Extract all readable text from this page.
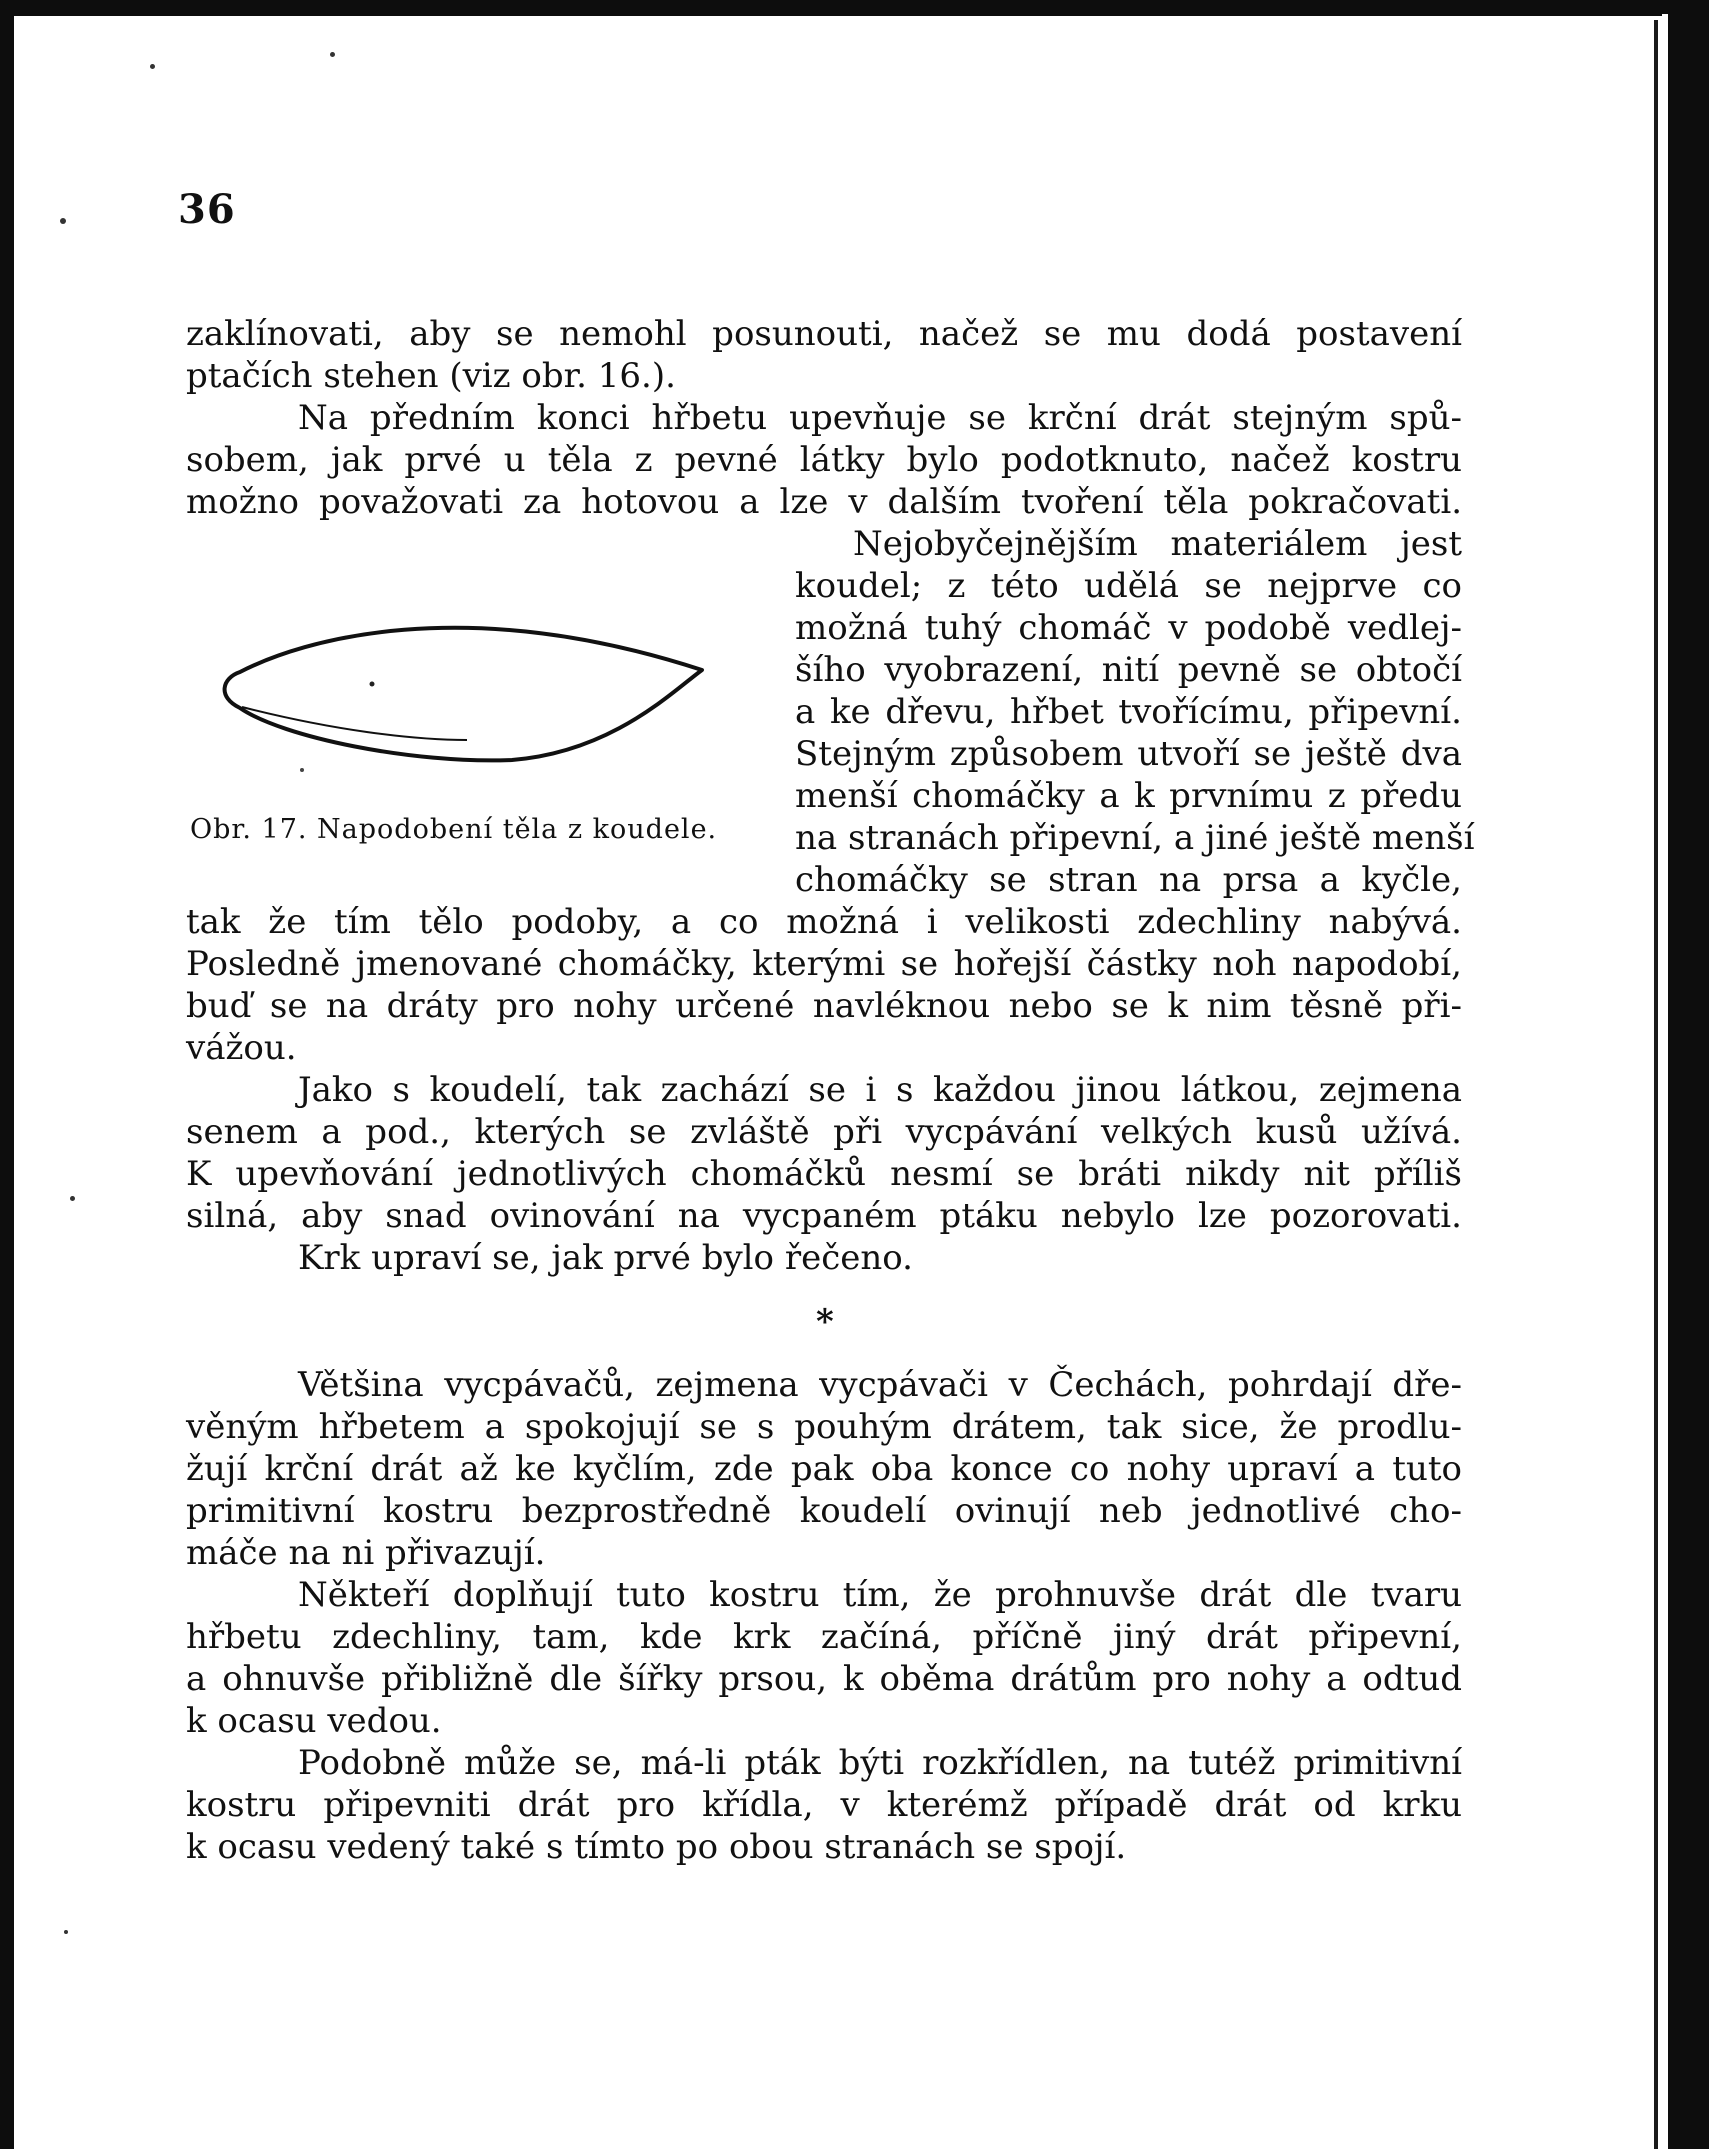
36
zaklínovati, aby se nemohl posunouti, načež se mu dodá postavení
ptačích stehen (viz obr. 16.).
Na předním konci hřbetu upevňuje se krční drát stejným spů-
sobem, jak prvé u těla z pevné látky bylo podotknuto, načež kostru
možno považovati za hotovou a lze v dalším tvoření těla pokračovati.
Nejobyčejnějším materiálem jest
koudel; z této udělá se nejprve co
možná tuhý chomáč v podobě vedlej-
šího vyobrazení, nití pevně se obtočí
a ke dřevu, hřbet tvořícímu, připevní.
Stejným způsobem utvoří se ještě dva
menší chomáčky a k prvnímu z předu
na stranách připevní, a jiné ještě menší
chomáčky se stran na prsa a kyčle,
Obr. 17. Napodobení těla z koudele.
tak že tím tělo podoby, a co možná i velikosti zdechliny nabývá.
Posledně jmenované chomáčky, kterými se hořejší částky noh napodobí,
buď se na dráty pro nohy určené navléknou nebo se k nim těsně při-
vážou.
Jako s koudelí, tak zachází se i s každou jinou látkou, zejmena
senem a pod., kterých se zvláště při vycpávání velkých kusů užívá.
K upevňování jednotlivých chomáčků nesmí se bráti nikdy nit příliš
silná, aby snad ovinování na vycpaném ptáku nebylo lze pozorovati.
Krk upraví se, jak prvé bylo řečeno.
*
Většina vycpávačů, zejmena vycpávači v Čechách, pohrdají dře-
věným hřbetem a spokojují se s pouhým drátem, tak sice, že prodlu-
žují krční drát až ke kyčlím, zde pak oba konce co nohy upraví a tuto
primitivní kostru bezprostředně koudelí ovinují neb jednotlivé cho-
máče na ni přivazují.
Někteří doplňují tuto kostru tím, že prohnuvše drát dle tvaru
hřbetu zdechliny, tam, kde krk začíná, příčně jiný drát připevní,
a ohnuvše přibližně dle šířky prsou, k oběma drátům pro nohy a odtud
k ocasu vedou.
Podobně může se, má-li pták býti rozkřídlen, na tutéž primitivní
kostru připevniti drát pro křídla, v kterémž případě drát od krku
k ocasu vedený také s tímto po obou stranách se spojí.
